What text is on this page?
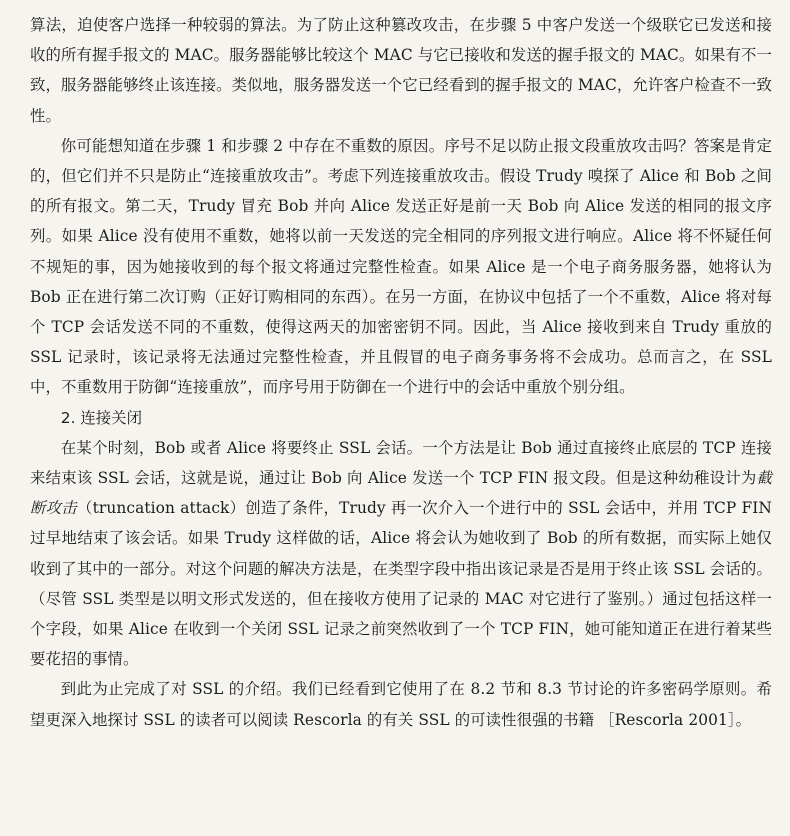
算法，迫使客户选择一种较弱的算法。为了防止这种篡改攻击，在步骤 5 中客户发送一个级联它已发送和接收的所有握手报文的 MAC。服务器能够比较这个 MAC 与它已接收和发送的握手报文的 MAC。如果有不一致，服务器能够终止该连接。类似地，服务器发送一个它已经看到的握手报文的 MAC，允许客户检查不一致性。

你可能想知道在步骤 1 和步骤 2 中存在不重数的原因。序号不足以防止报文段重放攻击吗？答案是肯定的，但它们并不只是防止“连接重放攻击”。考虑下列连接重放攻击。假设 Trudy 嗅探了 Alice 和 Bob 之间的所有报文。第二天，Trudy 冒充 Bob 并向 Alice 发送正好是前一天 Bob 向 Alice 发送的相同的报文序列。如果 Alice 没有使用不重数，她将以前一天发送的完全相同的序列报文进行响应。Alice 将不怀疑任何不规矩的事，因为她接收到的每个报文将通过完整性检查。如果 Alice 是一个电子商务服务器，她将认为 Bob 正在进行第二次订购（正好订购相同的东西）。在另一方面，在协议中包括了一个不重数，Alice 将对每个 TCP 会话发送不同的不重数，使得这两天的加密密钥不同。因此，当 Alice 接收到来自 Trudy 重放的 SSL 记录时，该记录将无法通过完整性检查，并且假冒的电子商务事务将不会成功。总而言之，在 SSL 中，不重数用于防御“连接重放”，而序号用于防御在一个进行中的会话中重放个别分组。

2. 连接关闭

在某个时刻，Bob 或者 Alice 将要终止 SSL 会话。一个方法是让 Bob 通过直接终止底层的 TCP 连接来结束该 SSL 会话，这就是说，通过让 Bob 向 Alice 发送一个 TCP FIN 报文段。但是这种幼稚设计为截断攻击（truncation attack）创造了条件，Trudy 再一次介入一个进行中的 SSL 会话中，并用 TCP FIN 过早地结束了该会话。如果 Trudy 这样做的话，Alice 将会认为她收到了 Bob 的所有数据，而实际上她仅收到了其中的一部分。对这个问题的解决方法是，在类型字段中指出该记录是否是用于终止该 SSL 会话的。（尽管 SSL 类型是以明文形式发送的，但在接收方使用了记录的 MAC 对它进行了鉴别。）通过包括这样一个字段，如果 Alice 在收到一个关闭 SSL 记录之前突然收到了一个 TCP FIN，她可能知道正在进行着某些要花招的事情。

到此为止完成了对 SSL 的介绍。我们已经看到它使用了在 8.2 节和 8.3 节讨论的许多密码学原则。希望更深入地探讨 SSL 的读者可以阅读 Rescorla 的有关 SSL 的可读性很强的书籍 ［Rescorla 2001］。
